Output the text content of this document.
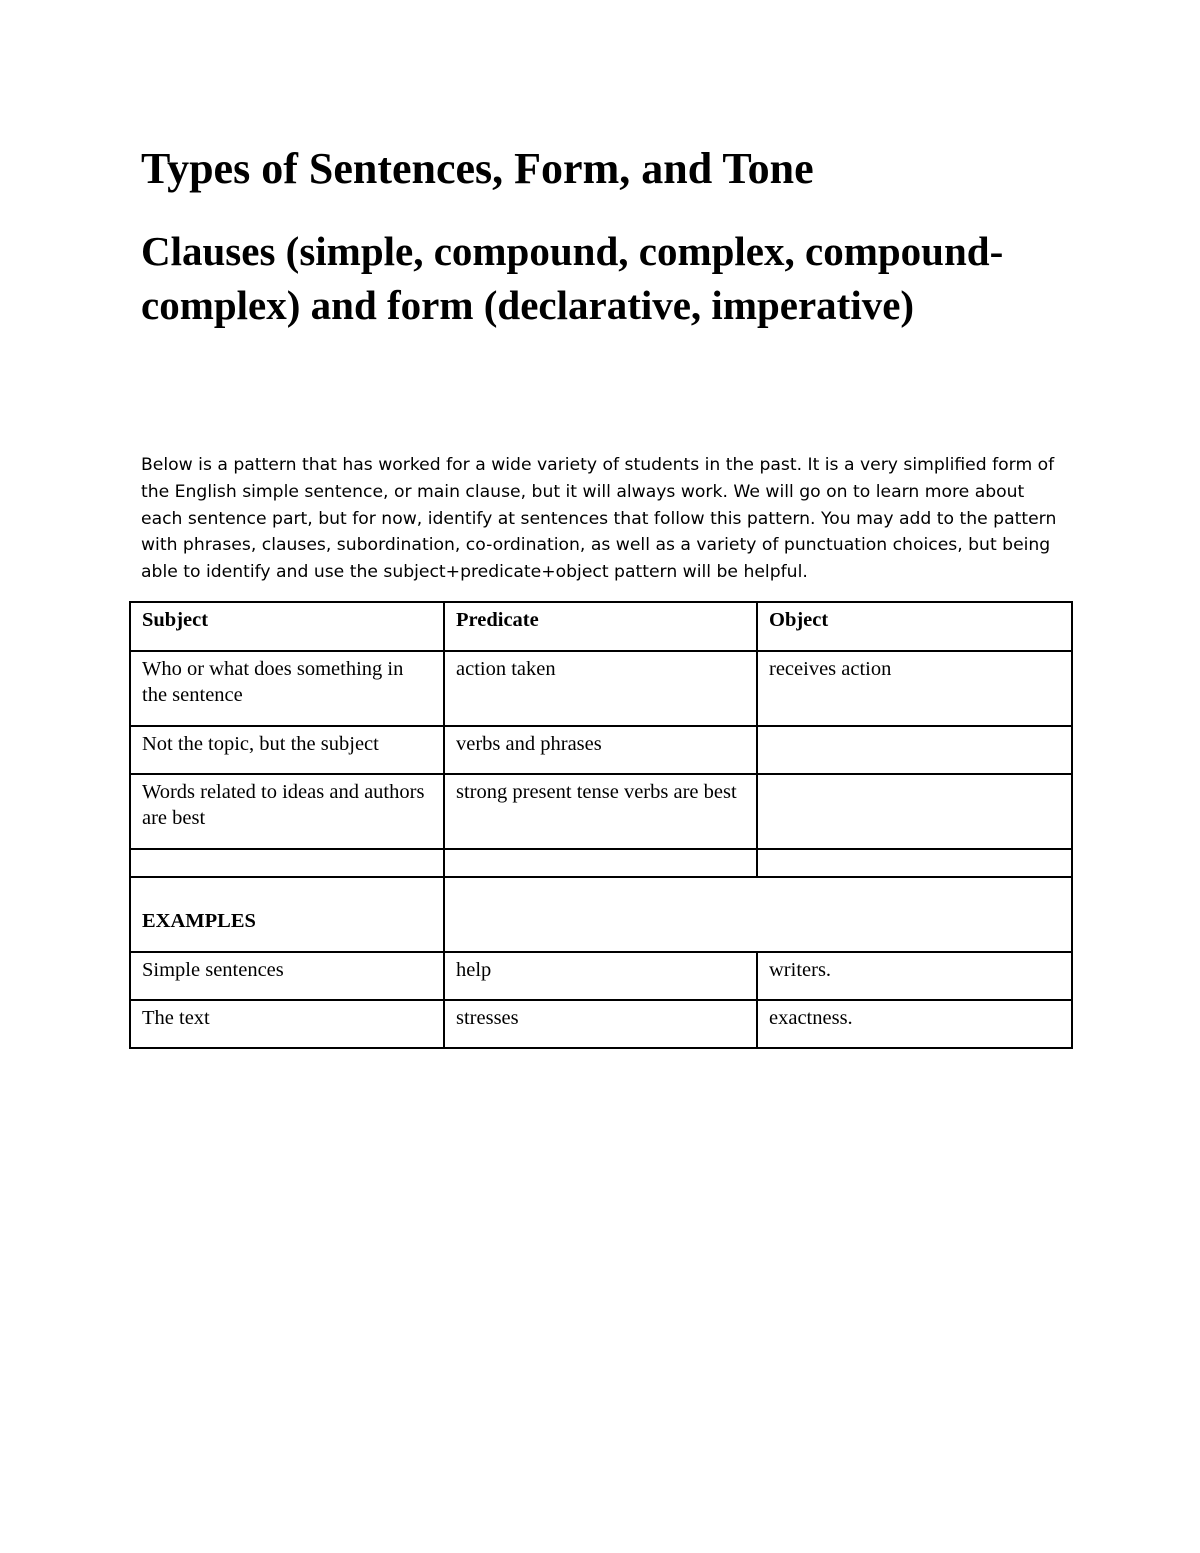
Types of Sentences, Form, and Tone
Clauses (simple, compound, complex, compound-complex) and form (declarative, imperative)

Below is a pattern that has worked for a wide variety of students in the past. It is a very simplified form of the English simple sentence, or main clause, but it will always work. We will go on to learn more about each sentence part, but for now, identify at sentences that follow this pattern. You may add to the pattern with phrases, clauses, subordination, co-ordination, as well as a variety of punctuation choices, but being able to identify and use the subject+predicate+object pattern will be helpful.

Subject	Predicate	Object
Who or what does something in the sentence	action taken	receives action
Not the topic, but the subject	verbs and phrases	
Words related to ideas and authors are best	strong present tense verbs are best	

EXAMPLES		
Simple sentences	help	writers.
The text	stresses	exactness.
